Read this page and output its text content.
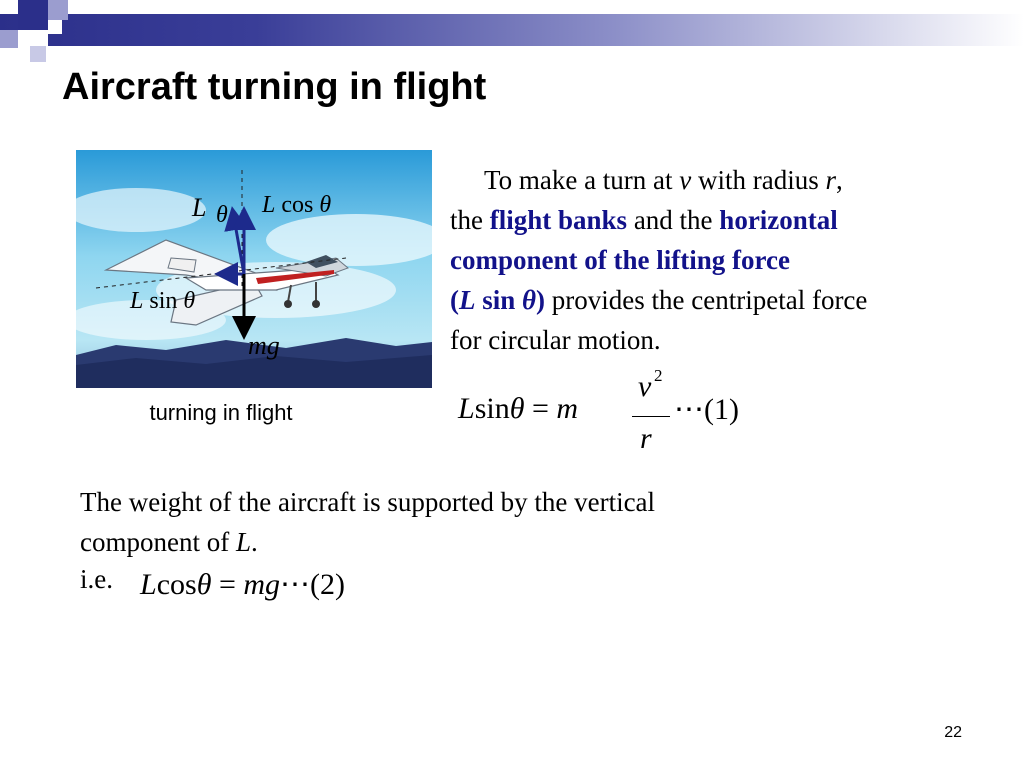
Aircraft turning in flight
L θ L cos θ
L sin θ
mg
turning in flight
To make a turn at v with radius r,
the flight banks and the horizontal
component of the lifting force
(L sin θ) provides the centripetal force
for circular motion.
Lsinθ = m
v 2
r
⋯(1)
The weight of the aircraft is supported by the vertical
component of L.
i.e. Lcosθ = mg⋯(2)
22
